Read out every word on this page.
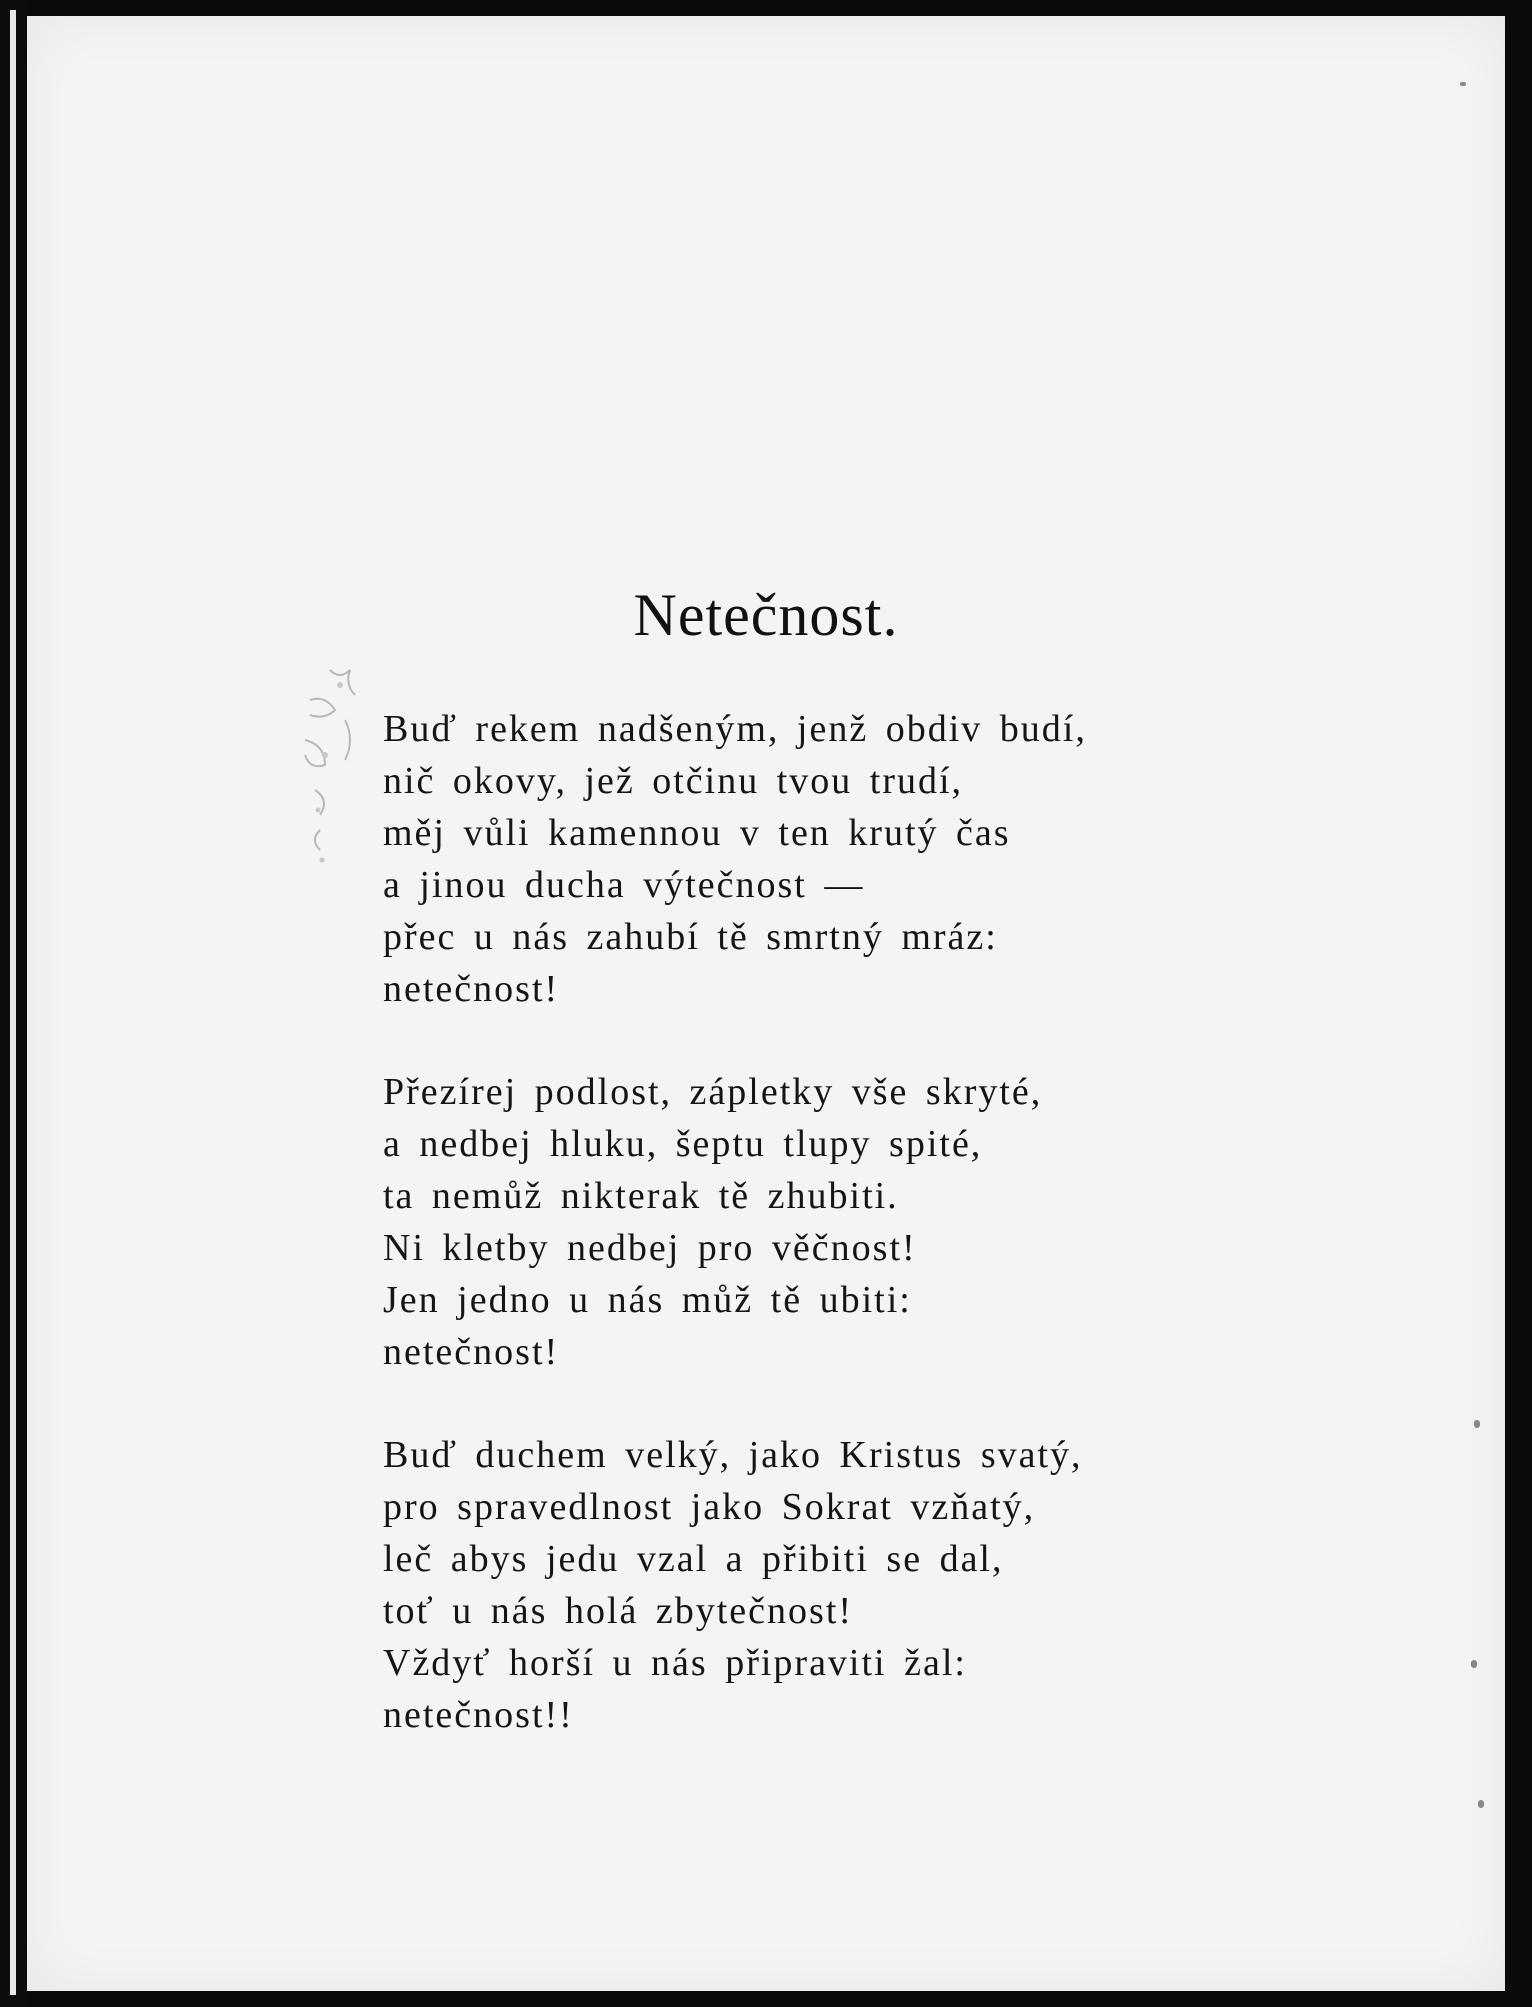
Netečnost.
Buď rekem nadšeným, jenž obdiv budí,
nič okovy, jež otčinu tvou trudí,
měj vůli kamennou v ten krutý čas
a jinou ducha výtečnost —
přec u nás zahubí tě smrtný mráz:
netečnost!
Přezírej podlost, zápletky vše skryté,
a nedbej hluku, šeptu tlupy spité,
ta nemůž nikterak tě zhubiti.
Ni kletby nedbej pro věčnost!
Jen jedno u nás můž tě ubiti:
netečnost!
Buď duchem velký, jako Kristus svatý,
pro spravedlnost jako Sokrat vzňatý,
leč abys jedu vzal a přibiti se dal,
toť u nás holá zbytečnost!
Vždyť horší u nás připraviti žal:
netečnost!!
